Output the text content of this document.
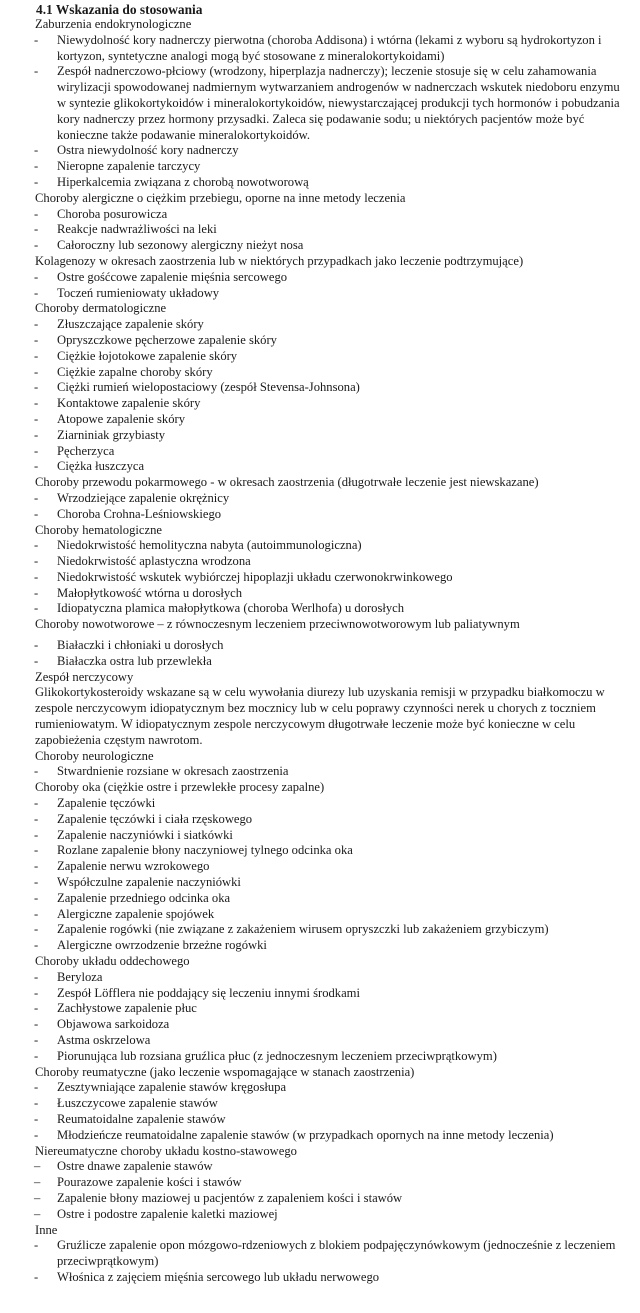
4.1 Wskazania do stosowania
Zaburzenia endokrynologiczne
- Niewydolność kory nadnerczy pierwotna (choroba Addisona) i wtórna (lekami z wyboru są hydrokortyzon i kortyzon, syntetyczne analogi mogą być stosowane z mineralokortykoidami)
- Zespół nadnerczowo-płciowy (wrodzony, hiperplazja nadnerczy); leczenie stosuje się w celu zahamowania wirylizacji spowodowanej nadmiernym wytwarzaniem androgenów w nadnerczach wskutek niedoboru enzymu w syntezie glikokortykoidów i mineralokortykoidów, niewystarczającej produkcji tych hormonów i pobudzania kory nadnerczy przez hormony przysadki. Zaleca się podawanie sodu; u niektórych pacjentów może być konieczne także podawanie mineralokortykoidów.
- Ostra niewydolność kory nadnerczy
- Nieropne zapalenie tarczycy
- Hiperkalcemia związana z chorobą nowotworową
Choroby alergiczne o ciężkim przebiegu, oporne na inne metody leczenia
- Choroba posurowicza
- Reakcje nadwrażliwości na leki
- Całoroczny lub sezonowy alergiczny nieżyt nosa
Kolagenozy w okresach zaostrzenia lub w niektórych przypadkach jako leczenie podtrzymujące)
- Ostre gośćcowe zapalenie mięśnia sercowego
- Toczeń rumieniowaty układowy
Choroby dermatologiczne
- Złuszczające zapalenie skóry
- Opryszczkowe pęcherzowe zapalenie skóry
- Ciężkie łojotokowe zapalenie skóry
- Ciężkie zapalne choroby skóry
- Ciężki rumień wielopostaciowy (zespół Stevensa-Johnsona)
- Kontaktowe zapalenie skóry
- Atopowe zapalenie skóry
- Ziarniniak grzybiasty
- Pęcherzyca
- Ciężka łuszczyca
Choroby przewodu pokarmowego - w okresach zaostrzenia (długotrwałe leczenie jest niewskazane)
- Wrzodziejące zapalenie okrężnicy
- Choroba Crohna-Leśniowskiego
Choroby hematologiczne
- Niedokrwistość hemolityczna nabyta (autoimmunologiczna)
- Niedokrwistość aplastyczna wrodzona
- Niedokrwistość wskutek wybiórczej hipoplazji układu czerwonokrwinkowego
- Małopłytkowość wtórna u dorosłych
- Idiopatyczna plamica małopłytkowa (choroba Werlhofa) u dorosłych
Choroby nowotworowe – z równoczesnym leczeniem przeciwnowotworowym lub paliatywnym
- Białaczki i chłoniaki u dorosłych
- Białaczka ostra lub przewlekła
Zespół nerczycowy
Glikokortykosteroidy wskazane są w celu wywołania diurezy lub uzyskania remisji w przypadku białkomoczu w zespole nerczycowym idiopatycznym bez mocznicy lub w celu poprawy czynności nerek u chorych z toczniem rumieniowatym. W idiopatycznym zespole nerczycowym długotrwałe leczenie może być konieczne w celu zapobieżenia częstym nawrotom.
Choroby neurologiczne
- Stwardnienie rozsiane w okresach zaostrzenia
Choroby oka (ciężkie ostre i przewlekłe procesy zapalne)
- Zapalenie tęczówki
- Zapalenie tęczówki i ciała rzęskowego
- Zapalenie naczyniówki i siatkówki
- Rozlane zapalenie błony naczyniowej tylnego odcinka oka
- Zapalenie nerwu wzrokowego
- Współczulne zapalenie naczyniówki
- Zapalenie przedniego odcinka oka
- Alergiczne zapalenie spojówek
- Zapalenie rogówki (nie związane z zakażeniem wirusem opryszczki lub zakażeniem grzybiczym)
- Alergiczne owrzodzenie brzeżne rogówki
Choroby układu oddechowego
- Beryloza
- Zespół Löfflera nie poddający się leczeniu innymi środkami
- Zachłystowe zapalenie płuc
- Objawowa sarkoidoza
- Astma oskrzelowa
- Piorunująca lub rozsiana gruźlica płuc (z jednoczesnym leczeniem przeciwprątkowym)
Choroby reumatyczne (jako leczenie wspomagające w stanach zaostrzenia)
- Zesztywniające zapalenie stawów kręgosłupa
- Łuszczycowe zapalenie stawów
- Reumatoidalne zapalenie stawów
- Młodzieńcze reumatoidalne zapalenie stawów (w przypadkach opornych na inne metody leczenia)
Niereumatyczne choroby układu kostno-stawowego
– Ostre dnawe zapalenie stawów
– Pourazowe zapalenie kości i stawów
– Zapalenie błony maziowej u pacjentów z zapaleniem kości i stawów
– Ostre i podostre zapalenie kaletki maziowej
Inne
- Gruźlicze zapalenie opon mózgowo-rdzeniowych z blokiem podpajęczynówkowym (jednocześnie z leczeniem przeciwprątkowym)
- Włośnica z zajęciem mięśnia sercowego lub układu nerwowego
